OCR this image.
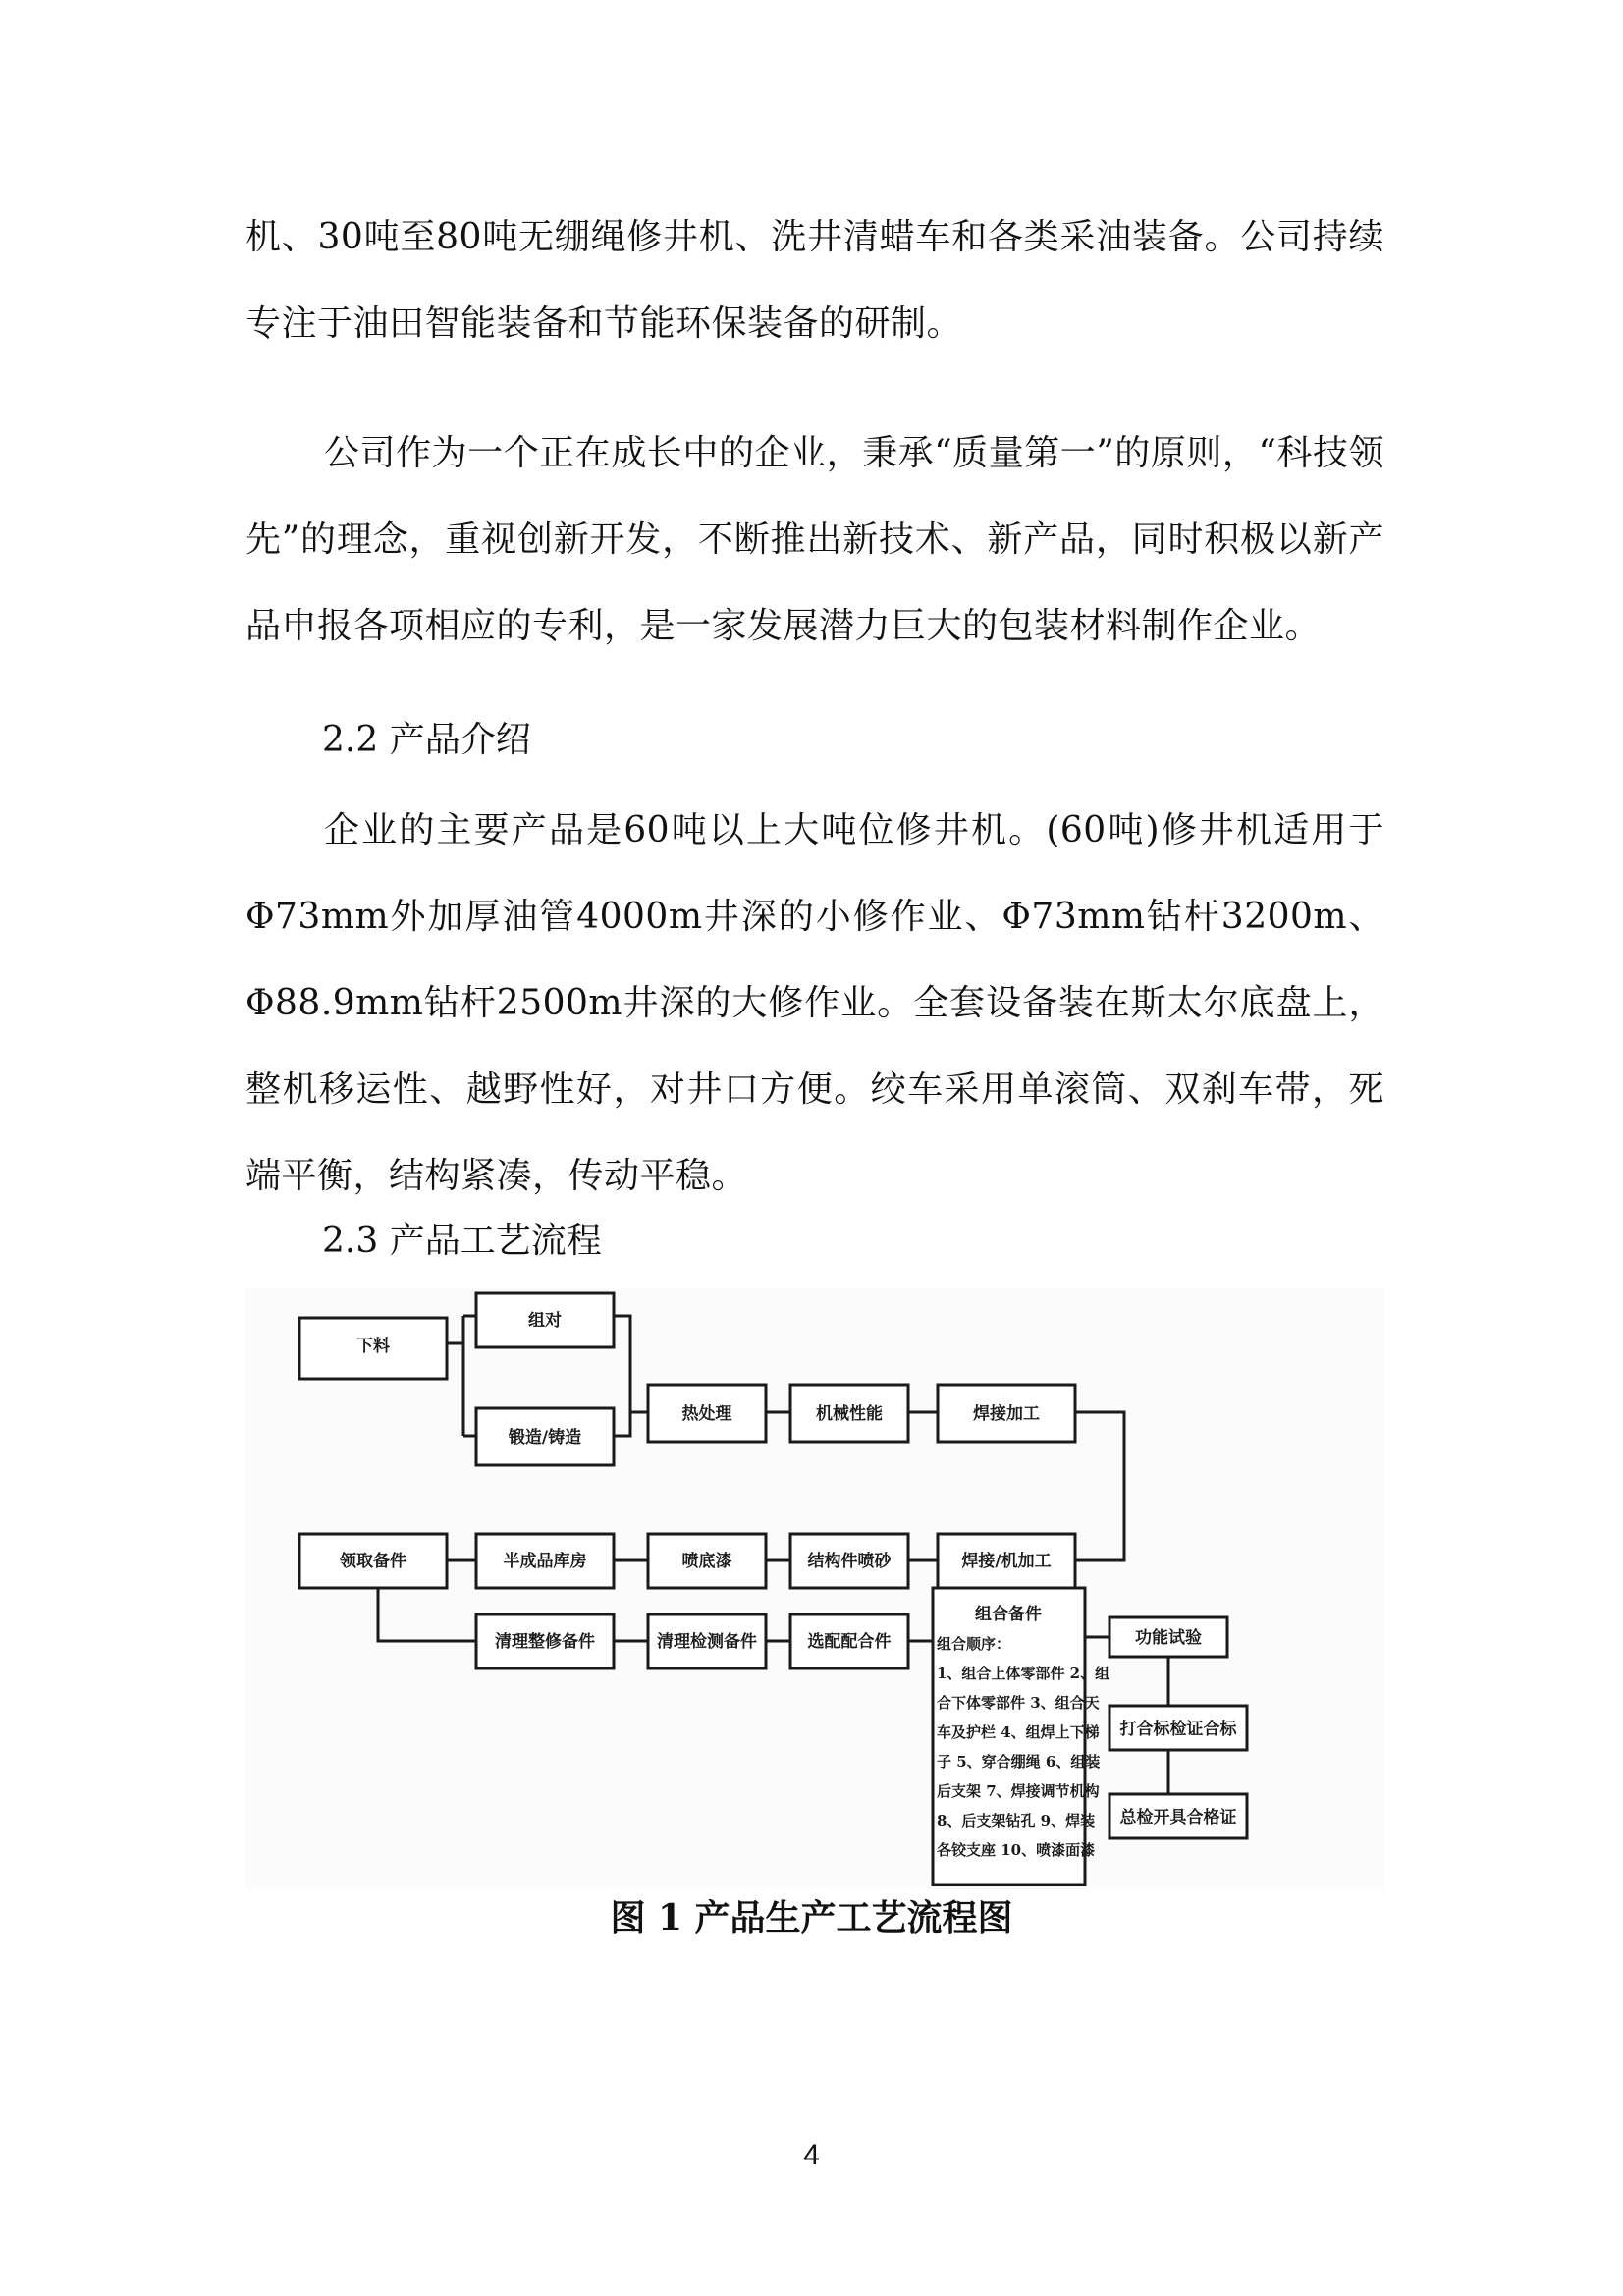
机、30吨至80吨无绷绳修井机、洗井清蜡车和各类采油装备。公司持续专注于油田智能装备和节能环保装备的研制。

公司作为一个正在成长中的企业，秉承“质量第一”的原则，“科技领先”的理念，重视创新开发，不断推出新技术、新产品，同时积极以新产品申报各项相应的专利，是一家发展潜力巨大的包装材料制作企业。

2.2 产品介绍

企业的主要产品是60吨以上大吨位修井机。(60吨)修井机适用于Φ73mm外加厚油管4000m井深的小修作业、Φ73mm钻杆3200m、Φ88.9mm钻杆2500m井深的大修作业。全套设备装在斯太尔底盘上，整机移运性、越野性好，对井口方便。绞车采用单滚筒、双刹车带，死端平衡，结构紧凑，传动平稳。

2.3 产品工艺流程

下料
组对
锻造/铸造
热处理	机械性能	焊接加工
领取备件	半成品库房	喷底漆	结构件喷砂	焊接/机加工
清理整修备件	清理检测备件	选配配合件
组合备件
组合顺序：
1、组合上体零部件 2、组
合下体零部件 3、组合天
车及护栏 4、组焊上下梯
子 5、穿合绷绳 6、组装
后支架 7、焊接调节机构
8、后支架钻孔 9、焊装
各铰支座 10、喷漆面漆
功能试验
打合标检证合标
总检开具合格证

图 1 产品生产工艺流程图

4
